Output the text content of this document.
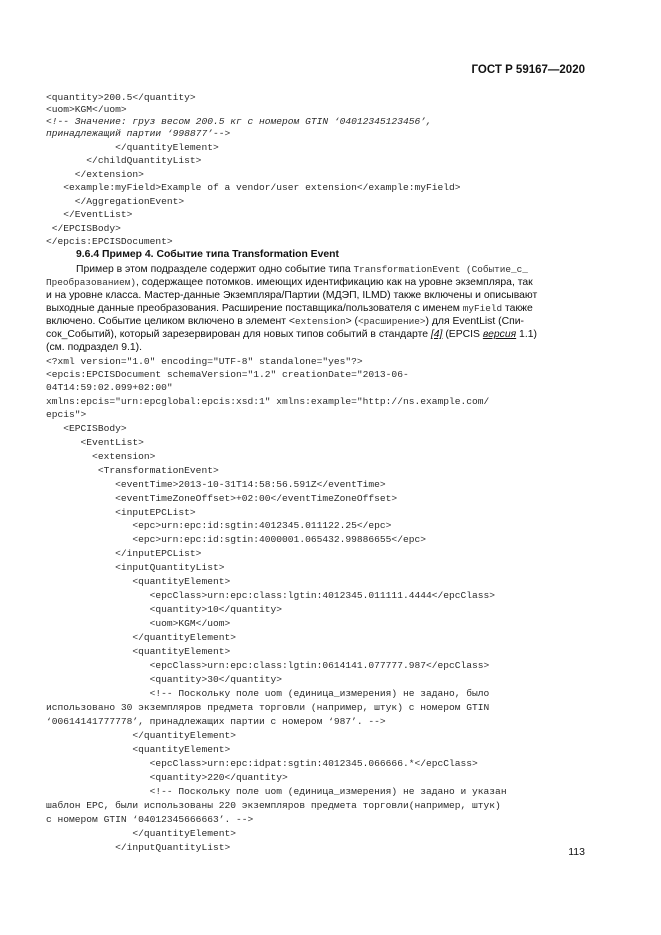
ГОСТ Р 59167—2020
<quantity>200.5</quantity>
<uom>KGM</uom>
<!-- Значение: груз весом 200.5 кг с номером GTIN ‘04012345123456’,
принадлежащий партии ‘998877’-->
</quantityElement>
</childQuantityList>
</extension>
<example:myField>Example of a vendor/user extension</example:myField>
</AggregationEvent>
</EventList>
</EPCISBody>
</epcis:EPCISDocument>
9.6.4 Пример 4. Событие типа Transformation Event
Пример в этом подразделе содержит одно событие типа TransformationEvent (Событие_с_
Преобразованием), содержащее потомков. имеющих идентификацию как на уровне экземпляра, так
и на уровне класса. Мастер-данные Экземпляра/Партии (МДЭП, ILMD) также включены и описывают
выходные данные преобразования. Расширение поставщика/пользователя с именем myField также
включено. Событие целиком включено в элемент <extension> (<расширение>) для EventList (Спи-
сок_Событий), который зарезервирован для новых типов событий в стандарте [4] (EPCIS версия 1.1)
(см. подраздел 9.1).
<?xml version="1.0" encoding="UTF-8" standalone="yes"?>
<epcis:EPCISDocument schemaVersion="1.2" creationDate="2013-06-
04T14:59:02.099+02:00"
xmlns:epcis="urn:epcglobal:epcis:xsd:1" xmlns:example="http://ns.example.com/
epcis">
<EPCISBody>
<EventList>
<extension>
<TransformationEvent>
<eventTime>2013-10-31T14:58:56.591Z</eventTime>
<eventTimeZoneOffset>+02:00</eventTimeZoneOffset>
<inputEPCList>
<epc>urn:epc:id:sgtin:4012345.011122.25</epc>
<epc>urn:epc:id:sgtin:4000001.065432.99886655</epc>
</inputEPCList>
<inputQuantityList>
<quantityElement>
<epcClass>urn:epc:class:lgtin:4012345.011111.4444</epcClass>
<quantity>10</quantity>
<uom>KGM</uom>
</quantityElement>
<quantityElement>
<epcClass>urn:epc:class:lgtin:0614141.077777.987</epcClass>
<quantity>30</quantity>
<!-- Поскольку поле uom (единица_измерения) не задано, было
использовано 30 экземпляров предмета торговли (например, штук) с номером GTIN
‘00614141777778’, принадлежащих партии с номером ‘987’. -->
</quantityElement>
<quantityElement>
<epcClass>urn:epc:idpat:sgtin:4012345.066666.*</epcClass>
<quantity>220</quantity>
<!-- Поскольку поле uom (единица_измерения) не задано и указан
шаблон EPC, были использованы 220 экземпляров предмета торговли(например, штук)
с номером GTIN ‘04012345666663’. -->
</quantityElement>
</inputQuantityList>	113
